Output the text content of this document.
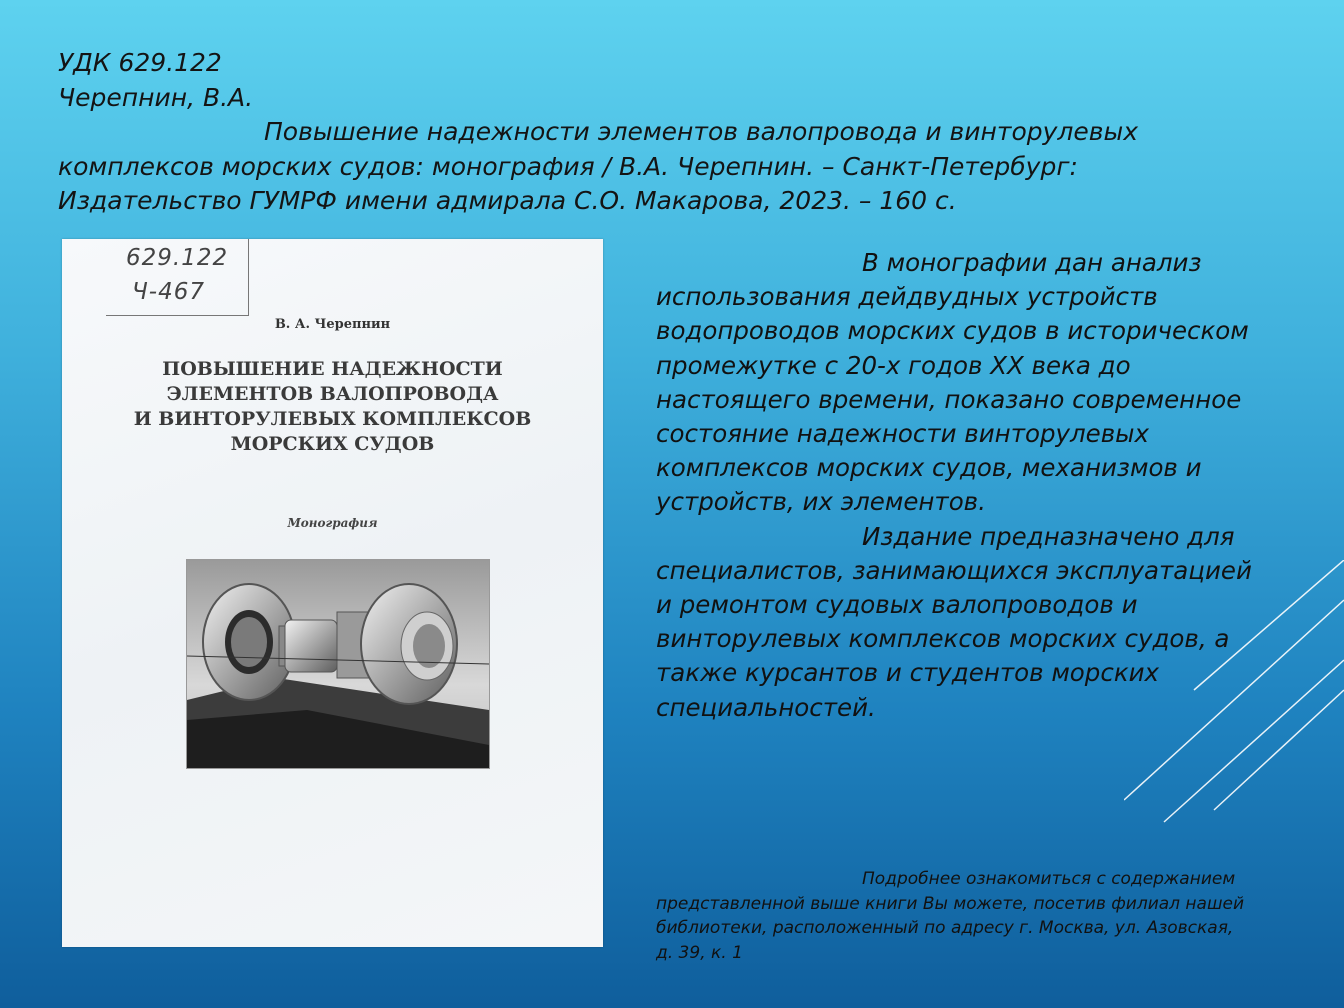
УДК 629.122
Черепнин, В.А.
Повышение надежности элементов валопровода и винторулевых
комплексов морских судов: монография / В.А. Черепнин. – Санкт-Петербург:
Издательство ГУМРФ имени адмирала С.О. Макарова, 2023. – 160 с.
629.122
Ч-467
В. А. Черепнин
ПОВЫШЕНИЕ НАДЕЖНОСТИ
ЭЛЕМЕНТОВ ВАЛОПРОВОДА
И ВИНТОРУЛЕВЫХ КОМПЛЕКСОВ
МОРСКИХ СУДОВ
Монография
В монографии дан анализ
использования дейдвудных устройств
водопроводов морских судов в историческом
промежутке с 20-х годов XX века до
настоящего времени, показано современное
состояние надежности винторулевых
комплексов морских судов, механизмов и
устройств, их элементов.
Издание предназначено для
специалистов, занимающихся эксплуатацией
и ремонтом судовых валопроводов и
винторулевых комплексов морских судов, а
также курсантов и студентов морских
специальностей.
Подробнее ознакомиться с содержанием
представленной выше книги Вы можете, посетив филиал нашей
библиотеки, расположенный по адресу г. Москва, ул. Азовская,
д. 39, к. 1
